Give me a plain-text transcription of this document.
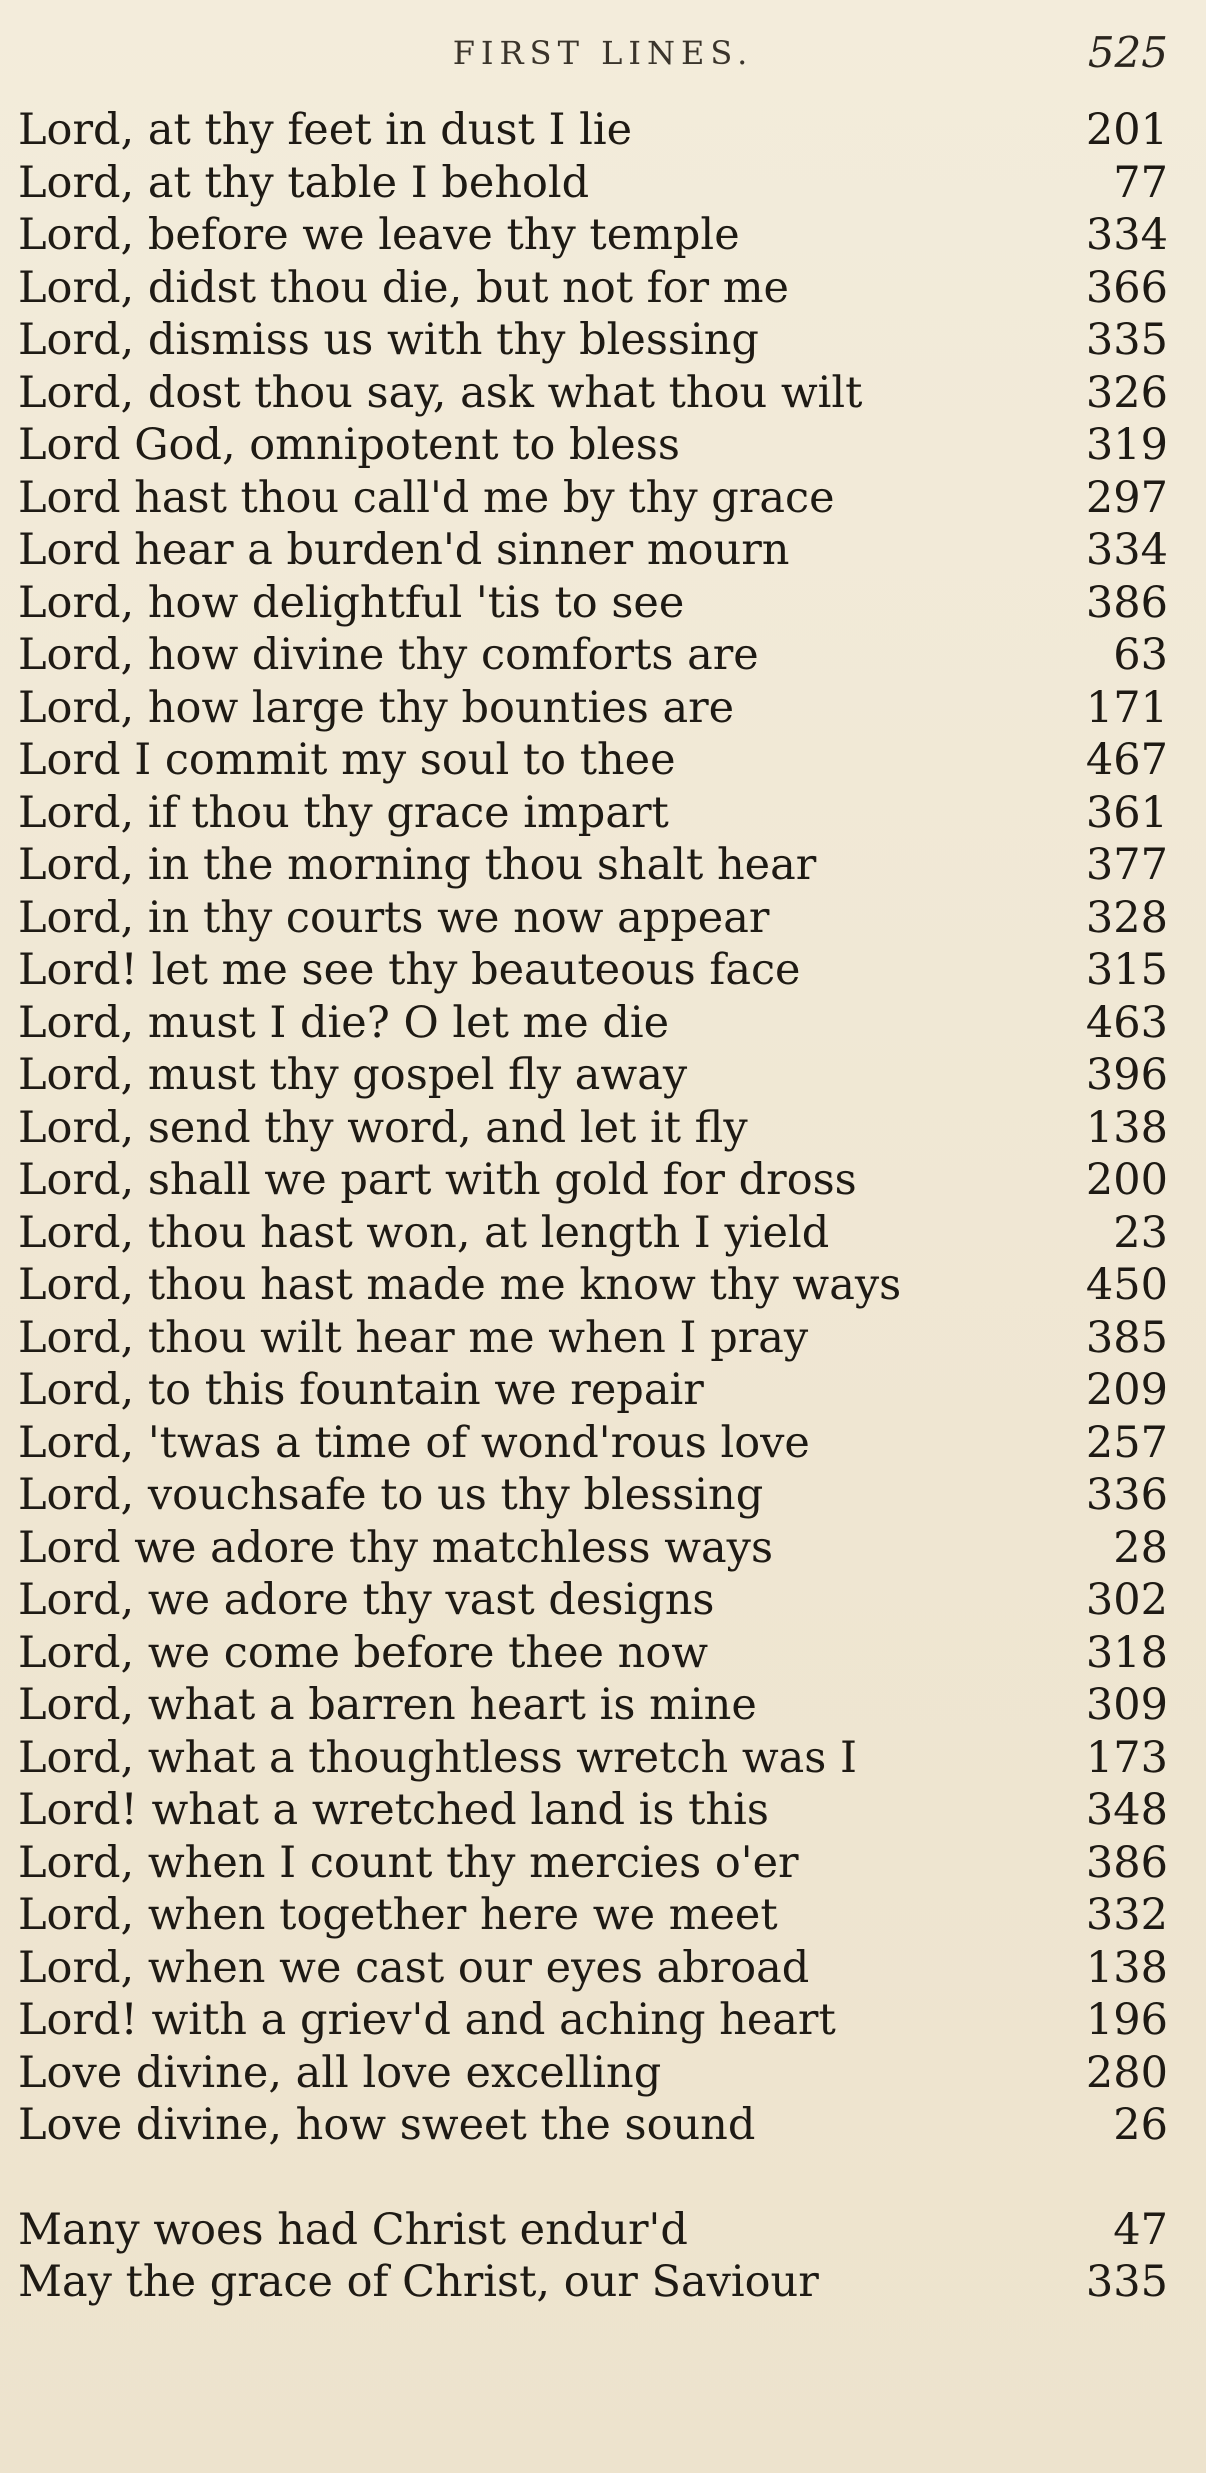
FIRST LINES.	525
Lord, at thy feet in dust I lie	201
Lord, at thy table I behold	77
Lord, before we leave thy temple	334
Lord, didst thou die, but not for me	366
Lord, dismiss us with thy blessing	335
Lord, dost thou say, ask what thou wilt	326
Lord God, omnipotent to bless	319
Lord hast thou call'd me by thy grace	297
Lord hear a burden'd sinner mourn	334
Lord, how delightful 'tis to see	386
Lord, how divine thy comforts are	63
Lord, how large thy bounties are	171
Lord I commit my soul to thee	467
Lord, if thou thy grace impart	361
Lord, in the morning thou shalt hear	377
Lord, in thy courts we now appear	328
Lord! let me see thy beauteous face	315
Lord, must I die? O let me die	463
Lord, must thy gospel fly away	396
Lord, send thy word, and let it fly	138
Lord, shall we part with gold for dross	200
Lord, thou hast won, at length I yield	23
Lord, thou hast made me know thy ways	450
Lord, thou wilt hear me when I pray	385
Lord, to this fountain we repair	209
Lord, 'twas a time of wond'rous love	257
Lord, vouchsafe to us thy blessing	336
Lord we adore thy matchless ways	28
Lord, we adore thy vast designs	302
Lord, we come before thee now	318
Lord, what a barren heart is mine	309
Lord, what a thoughtless wretch was I	173
Lord! what a wretched land is this	348
Lord, when I count thy mercies o'er	386
Lord, when together here we meet	332
Lord, when we cast our eyes abroad	138
Lord! with a griev'd and aching heart	196
Love divine, all love excelling	280
Love divine, how sweet the sound	26
Many woes had Christ endur'd	47
May the grace of Christ, our Saviour	335
